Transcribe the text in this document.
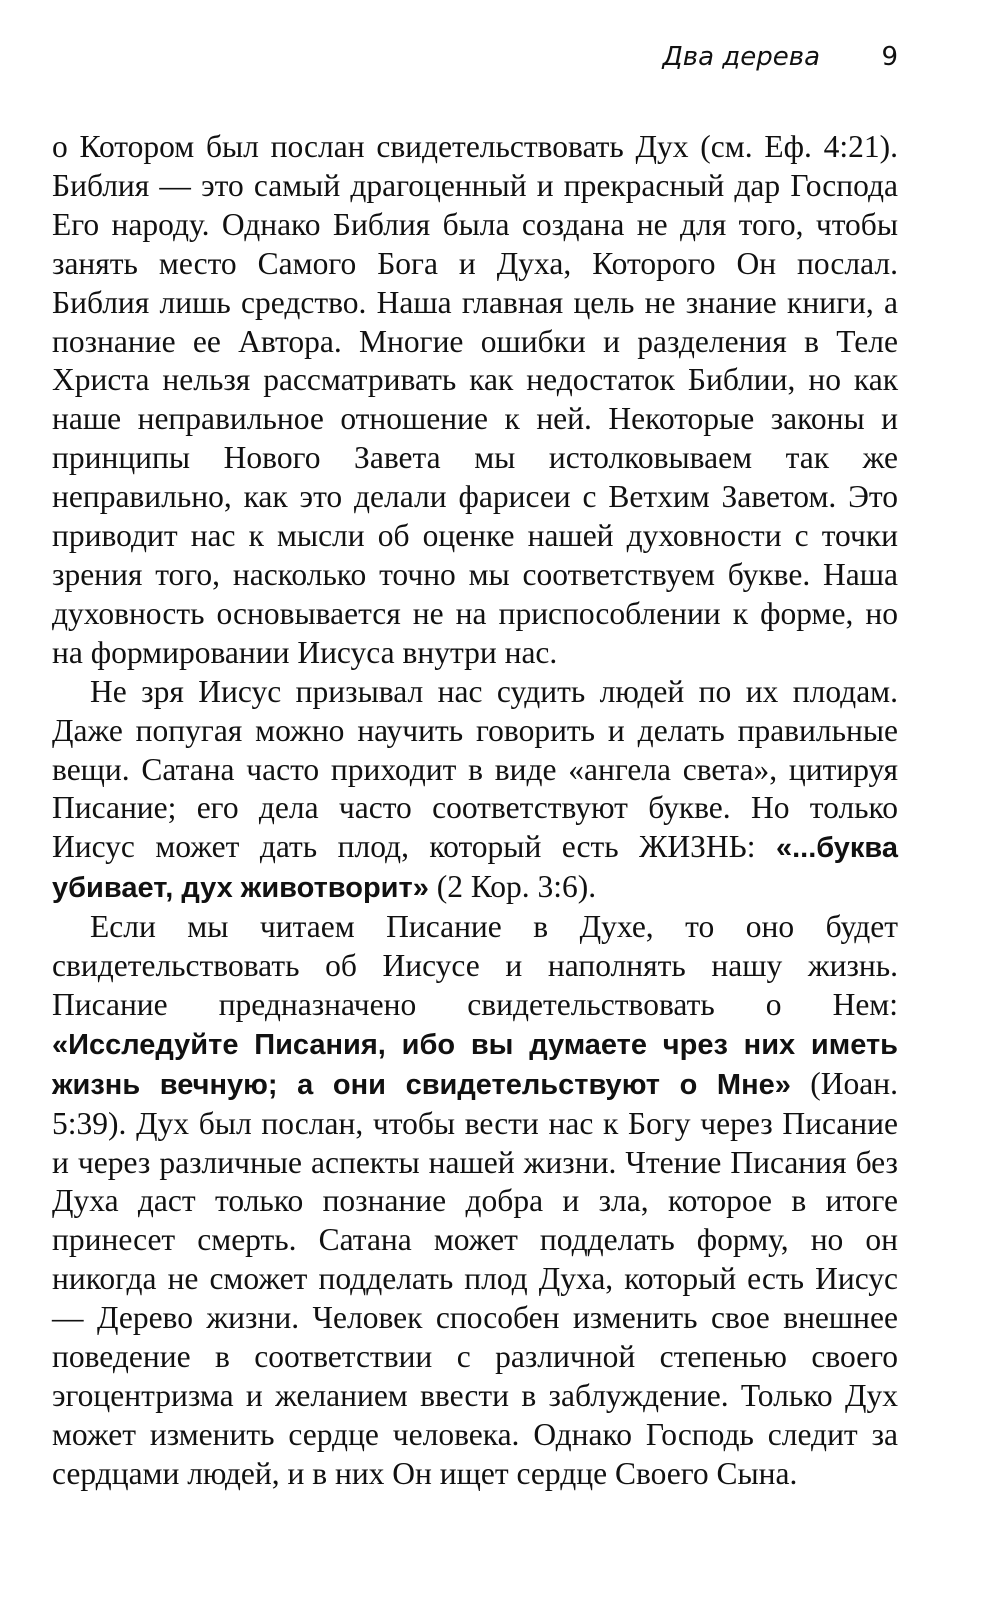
Два дерева 9

о Котором был послан свидетельствовать Дух (см. Еф. 4:21). Библия — это самый драгоценный и прекрасный дар Господа Его народу. Однако Библия была создана не для того, чтобы занять место Самого Бога и Духа, Которого Он послал. Библия лишь средство. Наша главная цель не знание книги, а познание ее Автора. Многие ошибки и разделения в Теле Христа нельзя рассматривать как недостаток Библии, но как наше неправильное отношение к ней. Некоторые законы и принципы Нового Завета мы истолковываем так же неправильно, как это делали фарисеи с Ветхим Заветом. Это приводит нас к мысли об оценке нашей духовности с точки зрения того, насколько точно мы соответствуем букве. Наша духовность основывается не на приспособлении к форме, но на формировании Иисуса внутри нас.

Не зря Иисус призывал нас судить людей по их плодам. Даже попугая можно научить говорить и делать правильные вещи. Сатана часто приходит в виде «ангела света», цитируя Писание; его дела часто соответствуют букве. Но только Иисус может дать плод, который есть ЖИЗНЬ: «...буква убивает, дух животворит» (2 Кор. 3:6).

Если мы читаем Писание в Духе, то оно будет свидетельствовать об Иисусе и наполнять нашу жизнь. Писание предназначено свидетельствовать о Нем: «Исследуйте Писания, ибо вы думаете чрез них иметь жизнь вечную; а они свидетельствуют о Мне» (Иоан. 5:39). Дух был послан, чтобы вести нас к Богу через Писание и через различные аспекты нашей жизни. Чтение Писания без Духа даст только познание добра и зла, которое в итоге принесет смерть. Сатана может подделать форму, но он никогда не сможет подделать плод Духа, который есть Иисус — Дерево жизни. Человек способен изменить свое внешнее поведение в соответствии с различной степенью своего эгоцентризма и желанием ввести в заблуждение. Только Дух может изменить сердце человека. Однако Господь следит за сердцами людей, и в них Он ищет сердце Своего Сына.
